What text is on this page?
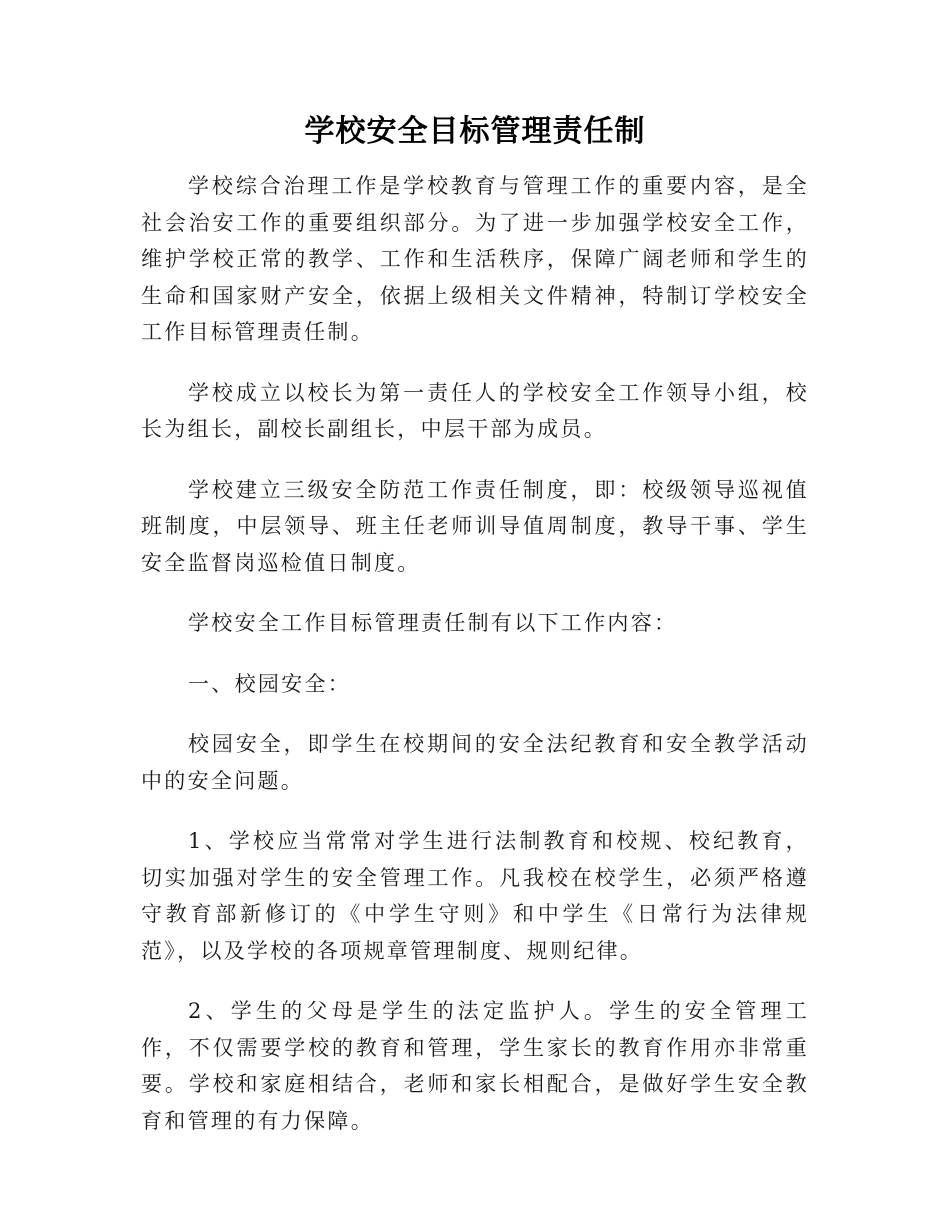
学校安全目标管理责任制

学校综合治理工作是学校教育与管理工作的重要内容，是全社会治安工作的重要组织部分。为了进一步加强学校安全工作，维护学校正常的教学、工作和生活秩序，保障广阔老师和学生的生命和国家财产安全，依据上级相关文件精神，特制订学校安全工作目标管理责任制。

学校成立以校长为第一责任人的学校安全工作领导小组，校长为组长，副校长副组长，中层干部为成员。

学校建立三级安全防范工作责任制度，即：校级领导巡视值班制度，中层领导、班主任老师训导值周制度，教导干事、学生安全监督岗巡检值日制度。

学校安全工作目标管理责任制有以下工作内容：

一、校园安全：

校园安全，即学生在校期间的安全法纪教育和安全教学活动中的安全问题。

1、学校应当常常对学生进行法制教育和校规、校纪教育，切实加强对学生的安全管理工作。凡我校在校学生，必须严格遵守教育部新修订的《中学生守则》和中学生《日常行为法律规范》，以及学校的各项规章管理制度、规则纪律。

2、学生的父母是学生的法定监护人。学生的安全管理工作，不仅需要学校的教育和管理，学生家长的教育作用亦非常重要。学校和家庭相结合，老师和家长相配合，是做好学生安全教育和管理的有力保障。
